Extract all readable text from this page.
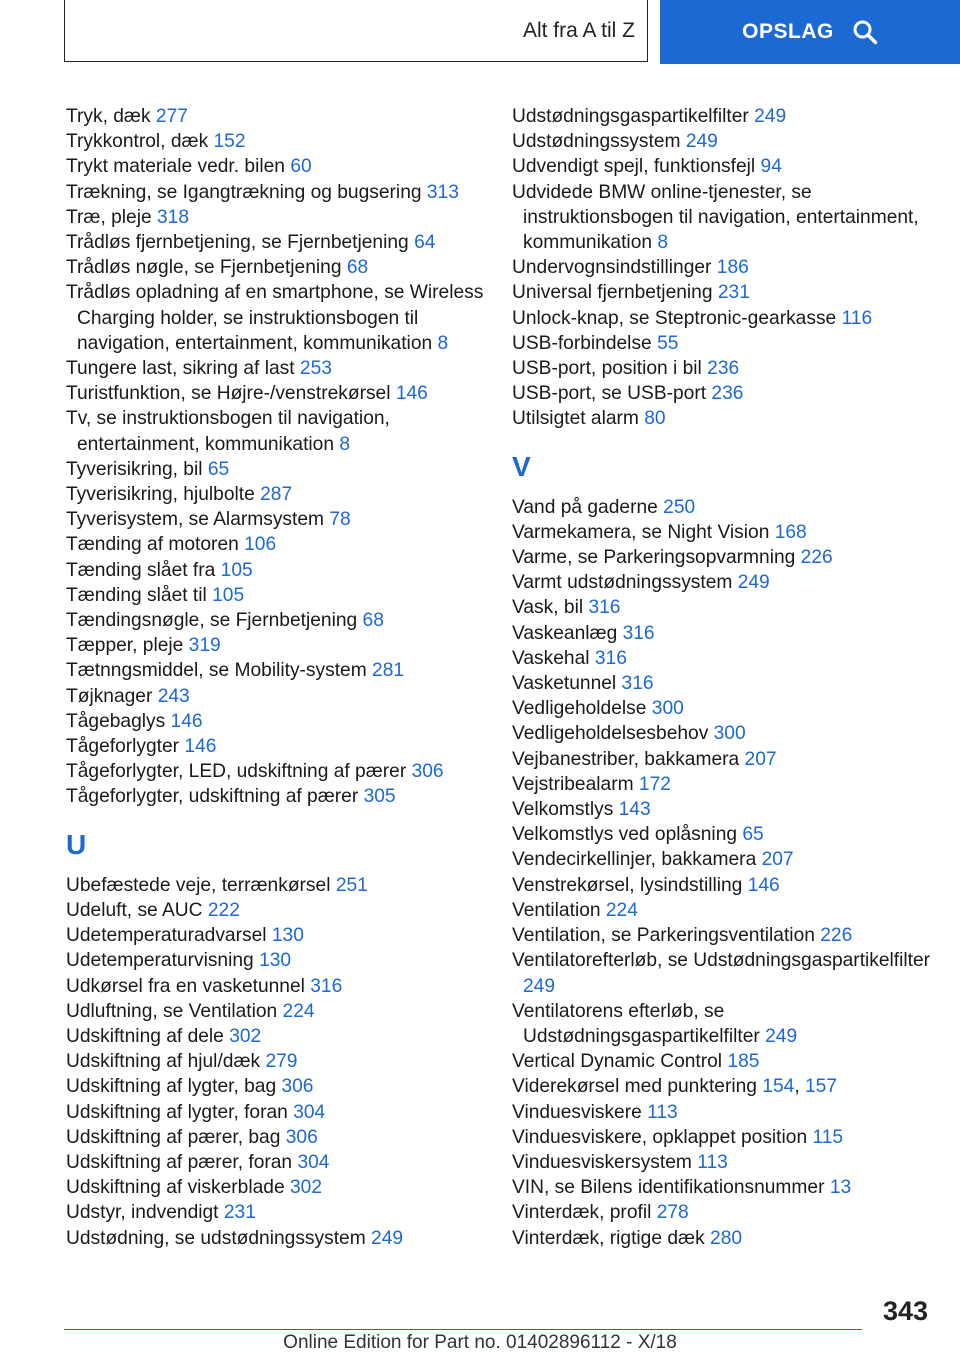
Alt fra A til Z	OPSLAG
Tryk, dæk 277
Trykkontrol, dæk 152
Trykt materiale vedr. bilen 60
Trækning, se Igangtrækning og bugsering 313
Træ, pleje 318
Trådløs fjernbetjening, se Fjernbetjening 64
Trådløs nøgle, se Fjernbetjening 68
Trådløs opladning af en smartphone, se Wireless Charging holder, se instruktionsbogen til navigation, entertainment, kommunikation 8
Tungere last, sikring af last 253
Turistfunktion, se Højre-/venstrekørsel 146
Tv, se instruktionsbogen til navigation, entertainment, kommunikation 8
Tyverisikring, bil 65
Tyverisikring, hjulbolte 287
Tyverisystem, se Alarmsystem 78
Tænding af motoren 106
Tænding slået fra 105
Tænding slået til 105
Tændingsnøgle, se Fjernbetjening 68
Tæpper, pleje 319
Tætnngsmiddel, se Mobility-system 281
Tøjknager 243
Tågebaglys 146
Tågeforlygter 146
Tågeforlygter, LED, udskiftning af pærer 306
Tågeforlygter, udskiftning af pærer 305
U
Ubefæstede veje, terrænkørsel 251
Udeluft, se AUC 222
Udetemperaturadvarsel 130
Udetemperaturvisning 130
Udkørsel fra en vasketunnel 316
Udluftning, se Ventilation 224
Udskiftning af dele 302
Udskiftning af hjul/dæk 279
Udskiftning af lygter, bag 306
Udskiftning af lygter, foran 304
Udskiftning af pærer, bag 306
Udskiftning af pærer, foran 304
Udskiftning af viskerblade 302
Udstyr, indvendigt 231
Udstødning, se udstødningssystem 249
Udstødningsgaspartikelfilter 249
Udstødningssystem 249
Udvendigt spejl, funktionsfejl 94
Udvidede BMW online-tjenester, se instruktionsbogen til navigation, entertainment, kommunikation 8
Undervognsindstillinger 186
Universal fjernbetjening 231
Unlock-knap, se Steptronic-gearkasse 116
USB-forbindelse 55
USB-port, position i bil 236
USB-port, se USB-port 236
Utilsigtet alarm 80
V
Vand på gaderne 250
Varmekamera, se Night Vision 168
Varme, se Parkeringsopvarmning 226
Varmt udstødningssystem 249
Vask, bil 316
Vaskeanlæg 316
Vaskehal 316
Vasketunnel 316
Vedligeholdelse 300
Vedligeholdelsesbehov 300
Vejbanestriber, bakkamera 207
Vejstribealarm 172
Velkomstlys 143
Velkomstlys ved oplåsning 65
Vendecirkellinjer, bakkamera 207
Venstrekørsel, lysindstilling 146
Ventilation 224
Ventilation, se Parkeringsventilation 226
Ventilatorefterløb, se Udstødningsgaspartikelfilter 249
Ventilatorens efterløb, se Udstødningsgaspartikelfilter 249
Vertical Dynamic Control 185
Viderekørsel med punktering 154, 157
Vinduesviskere 113
Vinduesviskere, opklappet position 115
Vinduesviskersystem 113
VIN, se Bilens identifikationsnummer 13
Vinterdæk, profil 278
Vinterdæk, rigtige dæk 280
343
Online Edition for Part no. 01402896112 - X/18
